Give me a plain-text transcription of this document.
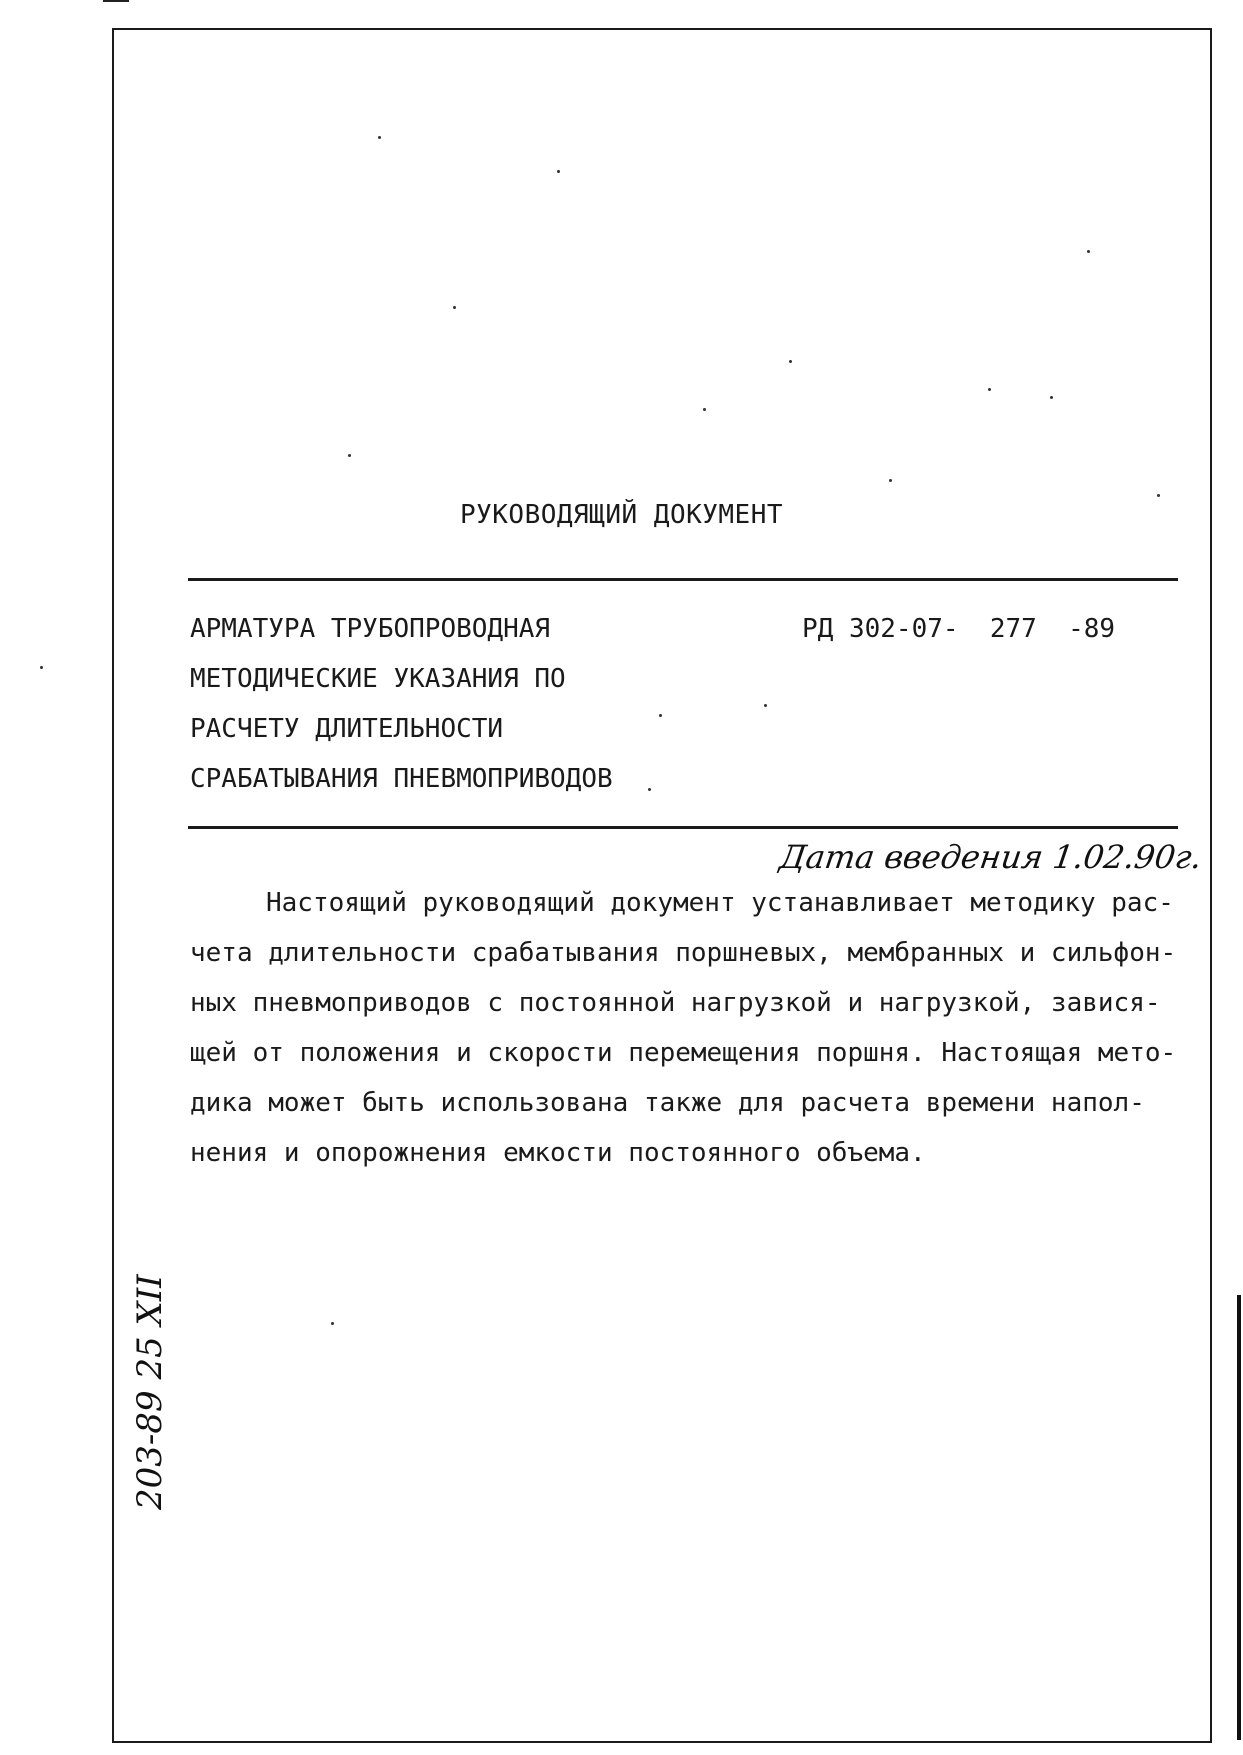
РУКОВОДЯЩИЙ ДОКУМЕНТ
АРМАТУРА ТРУБОПРОВОДНАЯ
МЕТОДИЧЕСКИЕ УКАЗАНИЯ ПО
РАСЧЕТУ ДЛИТЕЛЬНОСТИ
СРАБАТЫВАНИЯ ПНЕВМОПРИВОДОВ
РД 302-07-  277  -89
Дата введения 1.02.90г.
Настоящий руководящий документ устанавливает методику рас-
чета длительности срабатывания поршневых, мембранных и сильфон-
ных пневмоприводов с постоянной нагрузкой и нагрузкой, завися-
щей от положения и скорости перемещения поршня. Настоящая мето-
дика может быть использована также для расчета времени напол-
нения и опорожнения емкости постоянного объема.
203-89 25 XII
